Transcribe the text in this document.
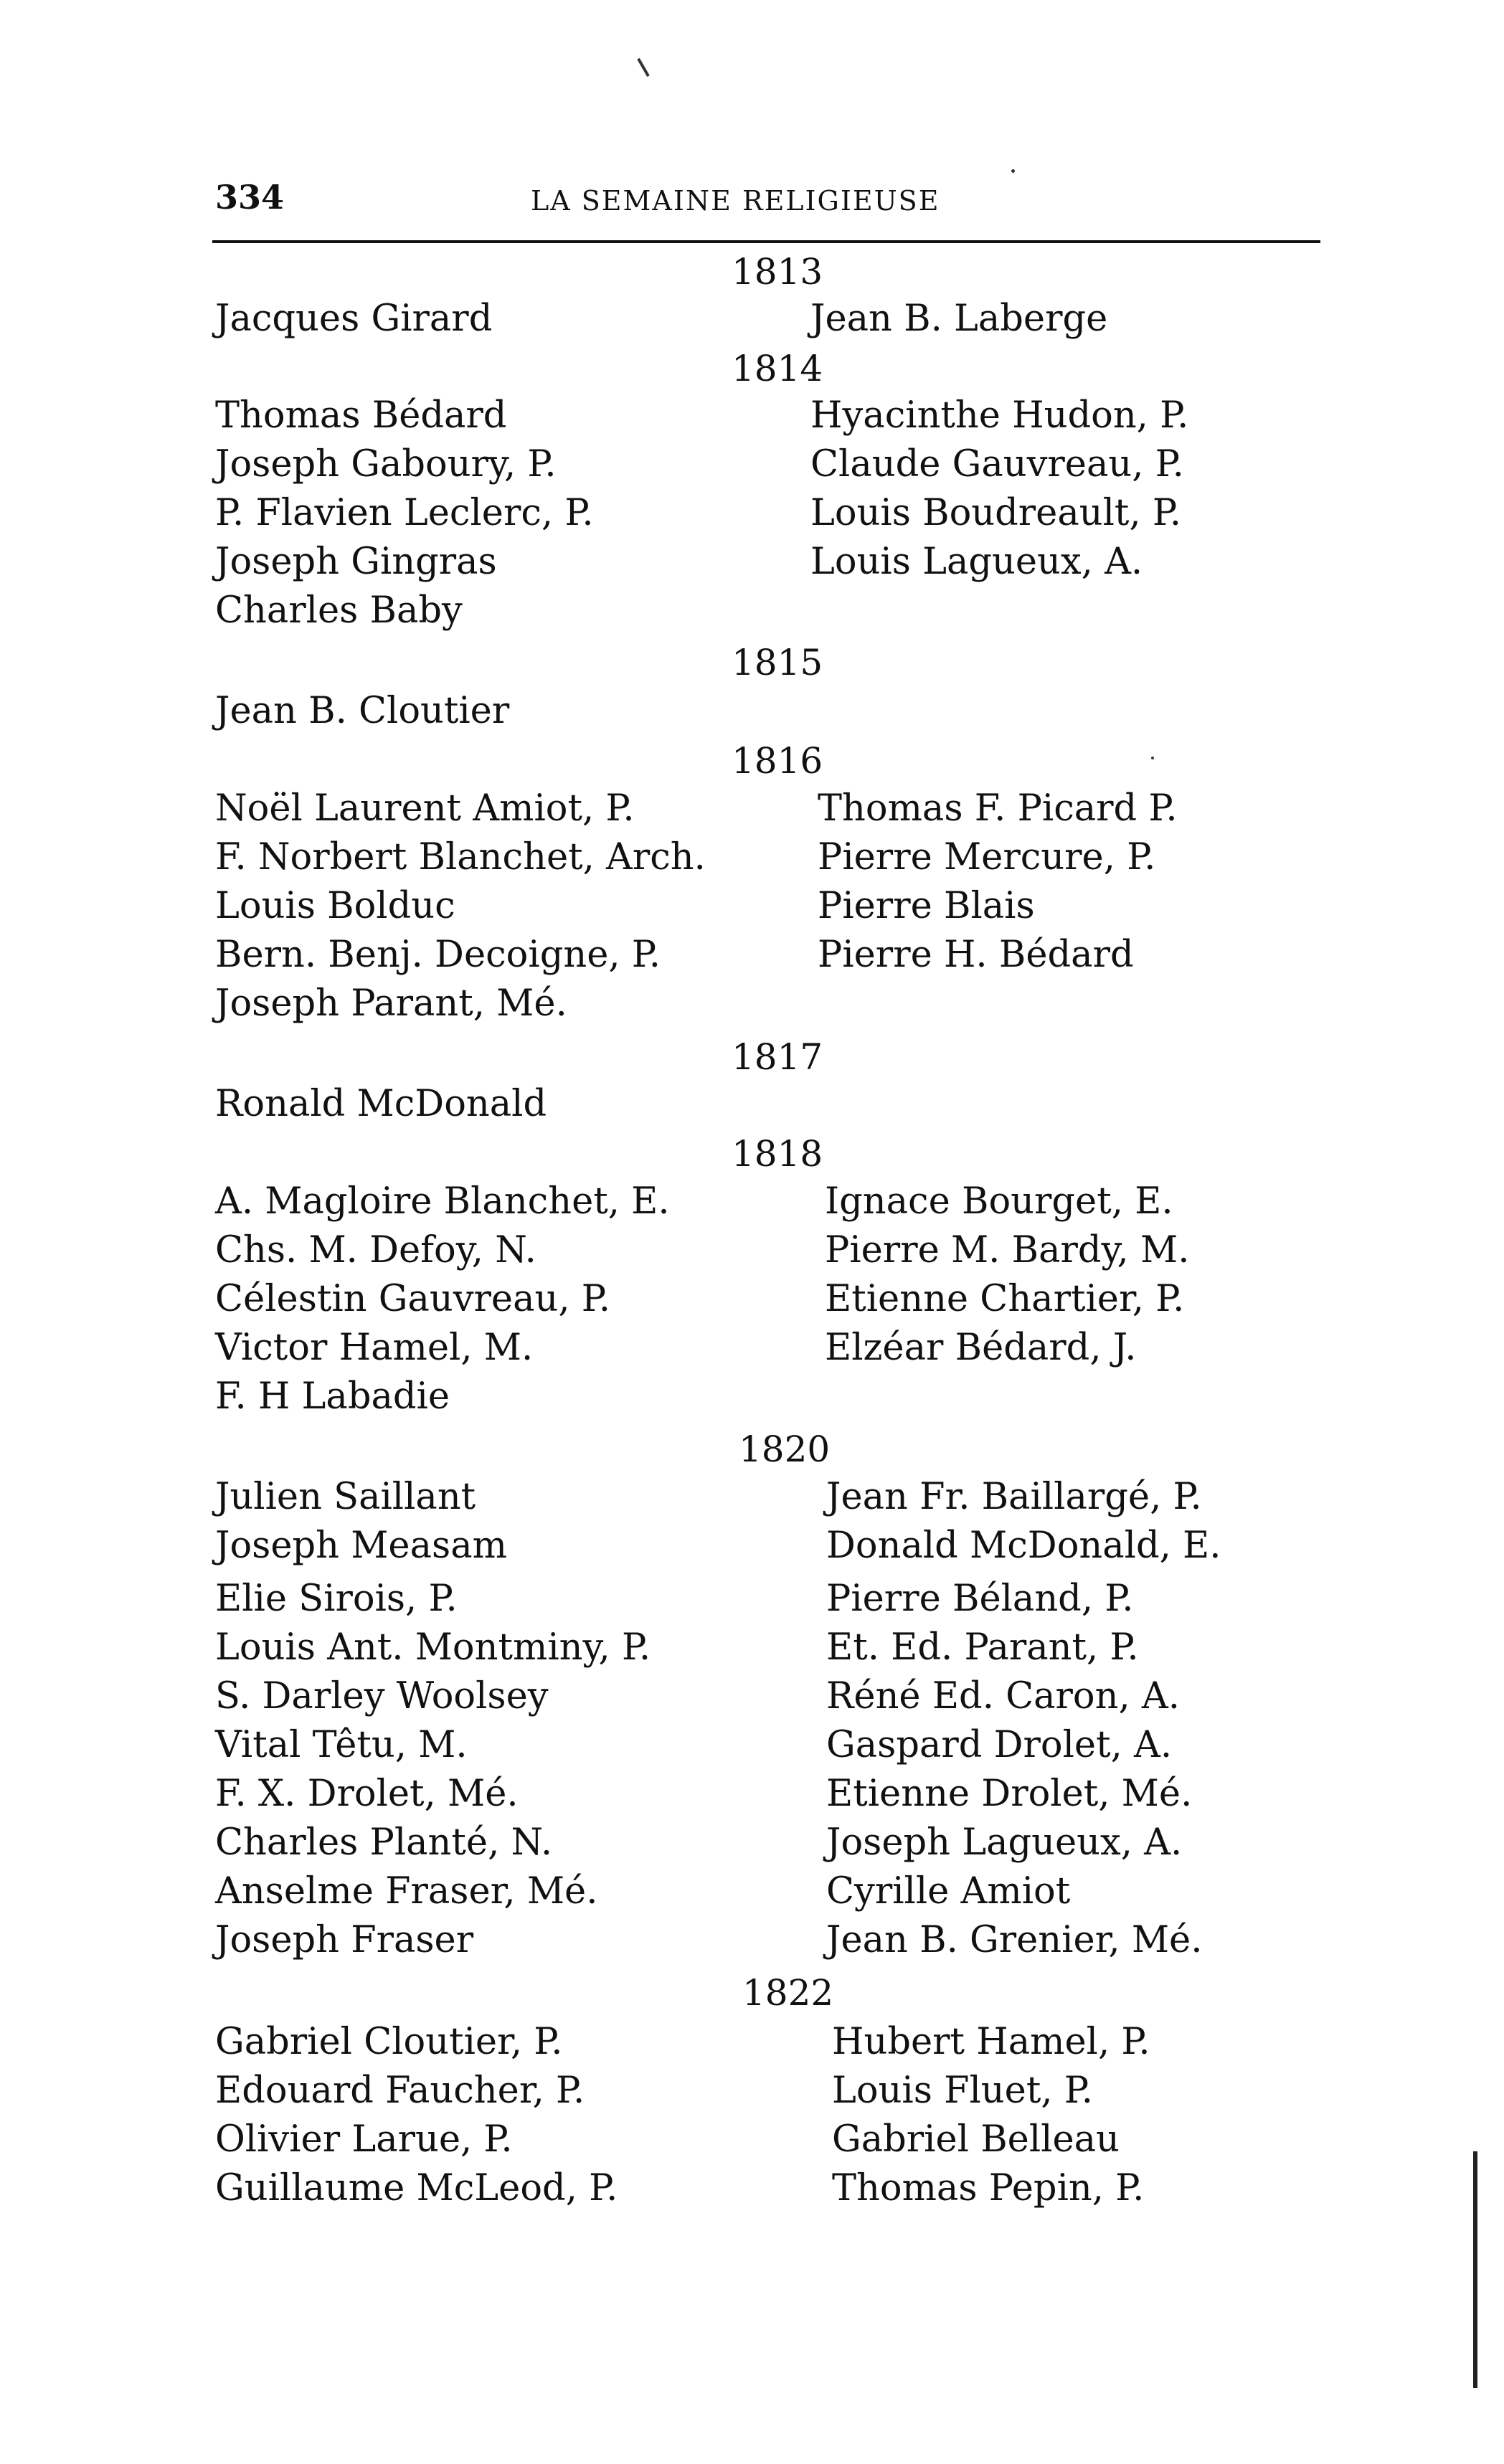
334	LA SEMAINE RELIGIEUSE
1813
1814
1815
1816
1817
1818
1820
1822
Jacques Girard
Thomas Bédard
Joseph Gaboury, P.
P. Flavien Leclerc, P.
Joseph Gingras
Charles Baby
Jean B. Cloutier
Noël Laurent Amiot, P.
F. Norbert Blanchet, Arch.
Louis Bolduc
Bern. Benj. Decoigne, P.
Joseph Parant, Mé.
Ronald McDonald
A. Magloire Blanchet, E.
Chs. M. Defoy, N.
Célestin Gauvreau, P.
Victor Hamel, M.
F. H Labadie
Julien Saillant
Joseph Measam
Elie Sirois, P.
Louis Ant. Montminy, P.
S. Darley Woolsey
Vital Têtu, M.
F. X. Drolet, Mé.
Charles Planté, N.
Anselme Fraser, Mé.
Joseph Fraser
Gabriel Cloutier, P.
Edouard Faucher, P.
Olivier Larue, P.
Guillaume McLeod, P.
Jean B. Laberge
Hyacinthe Hudon, P.
Claude Gauvreau, P.
Louis Boudreault, P.
Louis Lagueux, A.
Thomas F. Picard P.
Pierre Mercure, P.
Pierre Blais
Pierre H. Bédard
Ignace Bourget, E.
Pierre M. Bardy, M.
Etienne Chartier, P.
Elzéar Bédard, J.
Jean Fr. Baillargé, P.
Donald McDonald, E.
Pierre Béland, P.
Et. Ed. Parant, P.
Réné Ed. Caron, A.
Gaspard Drolet, A.
Etienne Drolet, Mé.
Joseph Lagueux, A.
Cyrille Amiot
Jean B. Grenier, Mé.
Hubert Hamel, P.
Louis Fluet, P.
Gabriel Belleau
Thomas Pepin, P.
